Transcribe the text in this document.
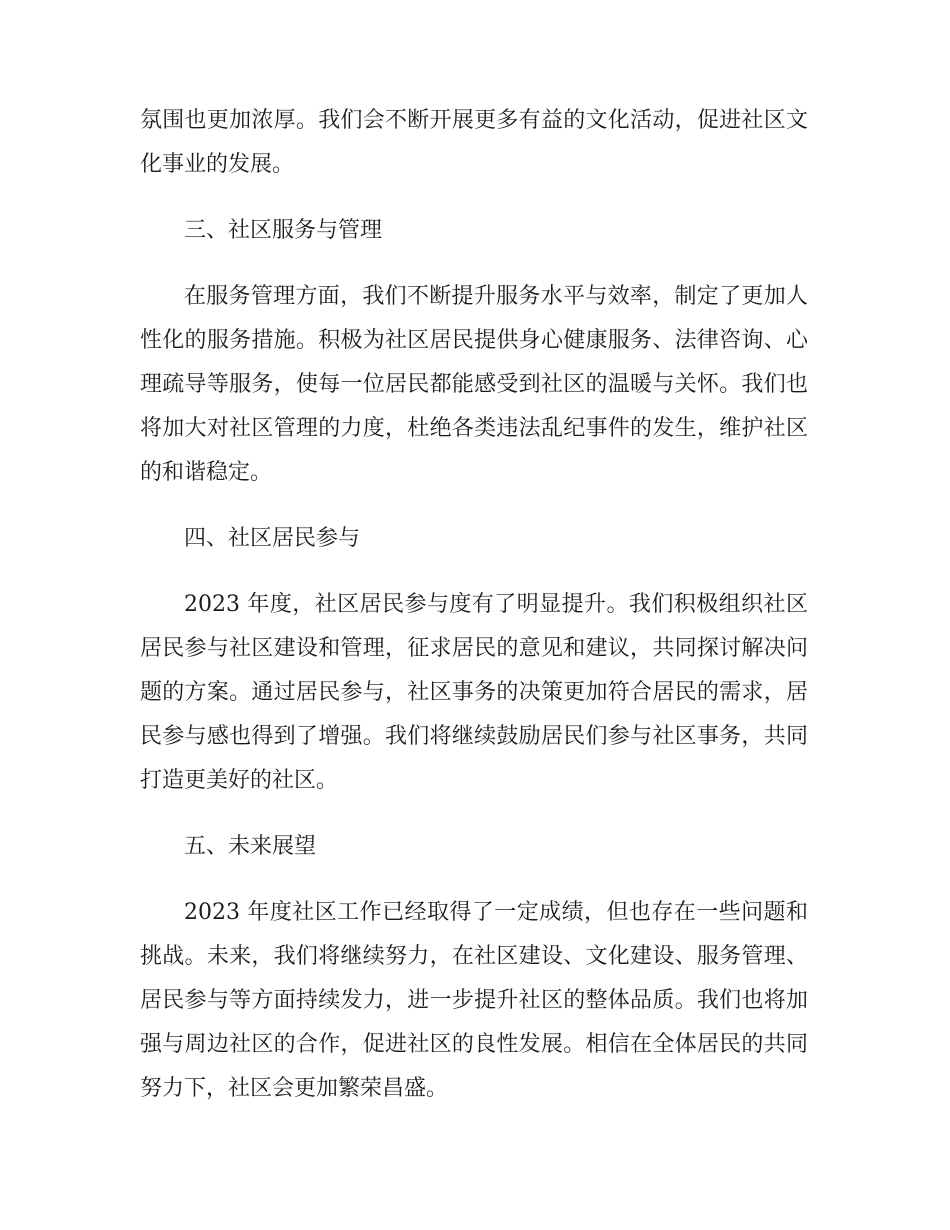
氛围也更加浓厚。我们会不断开展更多有益的文化活动，促进社区文化事业的发展。

三、社区服务与管理

在服务管理方面，我们不断提升服务水平与效率，制定了更加人性化的服务措施。积极为社区居民提供身心健康服务、法律咨询、心理疏导等服务，使每一位居民都能感受到社区的温暖与关怀。我们也将加大对社区管理的力度，杜绝各类违法乱纪事件的发生，维护社区的和谐稳定。

四、社区居民参与

2023 年度，社区居民参与度有了明显提升。我们积极组织社区居民参与社区建设和管理，征求居民的意见和建议，共同探讨解决问题的方案。通过居民参与，社区事务的决策更加符合居民的需求，居民参与感也得到了增强。我们将继续鼓励居民们参与社区事务，共同打造更美好的社区。

五、未来展望

2023 年度社区工作已经取得了一定成绩，但也存在一些问题和挑战。未来，我们将继续努力，在社区建设、文化建设、服务管理、居民参与等方面持续发力，进一步提升社区的整体品质。我们也将加强与周边社区的合作，促进社区的良性发展。相信在全体居民的共同努力下，社区会更加繁荣昌盛。
